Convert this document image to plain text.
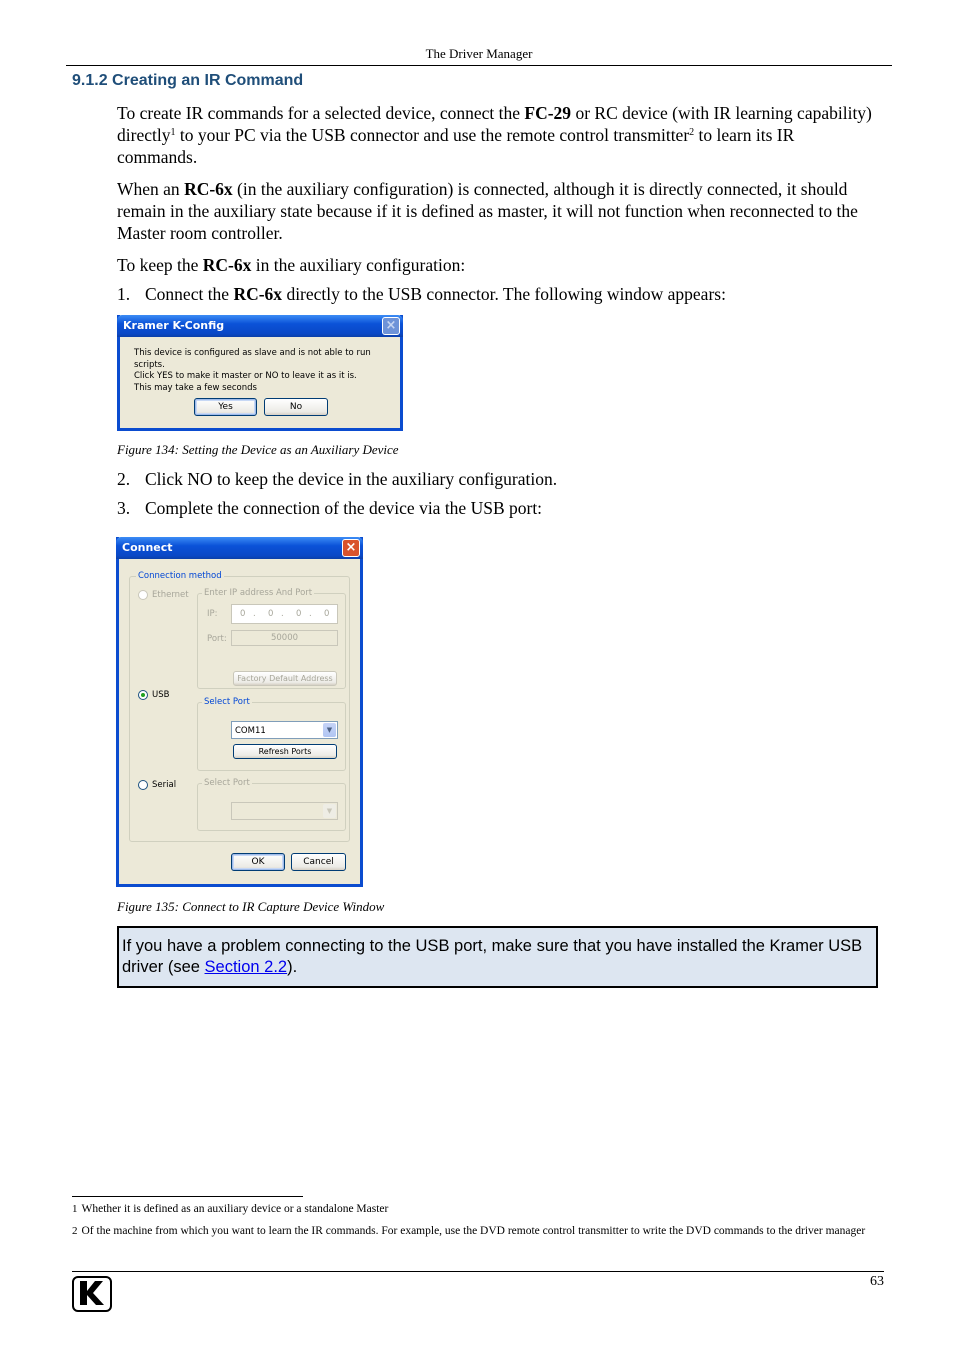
The Driver Manager
9.1.2 Creating an IR Command
To create IR commands for a selected device, connect the FC-29 or RC device (with IR learning capability) directly$^1$ to your PC via the USB connector and use the remote control transmitter$^2$ to learn its IR commands.
When an RC-6x (in the auxiliary configuration) is connected, although it is directly connected, it should remain in the auxiliary state because if it is defined as master, it will not function when reconnected to the Master room controller.
To keep the RC-6x in the auxiliary configuration:
1. Connect the RC-6x directly to the USB connector. The following window appears:
Kramer K-Config	×
This device is configured as slave and is not able to run scripts.
Click YES to make it master or NO to leave it as it is.
This may take a few seconds
Yes	No
Figure 134: Setting the Device as an Auxiliary Device
2. Click NO to keep the device in the auxiliary configuration.
3. Complete the connection of the device via the USB port:
Connect	×
Connection method
Ethernet Enter IP address And Port
IP:	0 . 0 . 0 . 0
Port:	50000
Factory Default Address
USB
Select Port
COM11	▼
Refresh Ports
Serial	Select Port
▼
OK	Cancel
Figure 135: Connect to IR Capture Device Window
If you have a problem connecting to the USB port, make sure that you have installed the Kramer USB driver (see Section 2.2).
1 Whether it is defined as an auxiliary device or a standalone Master
2 Of the machine from which you want to learn the IR commands. For example, use the DVD remote control transmitter to write the DVD commands to the driver manager
63
